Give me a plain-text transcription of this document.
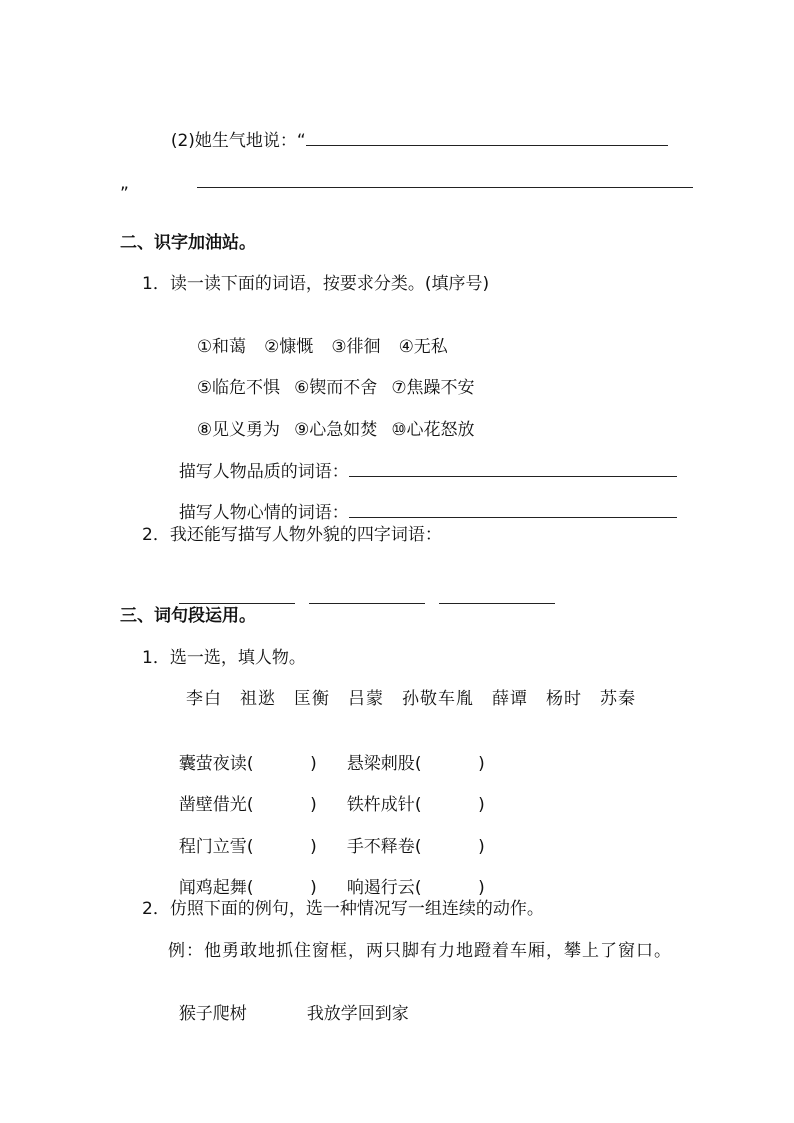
(2)她生气地说：“

”
二、识字加油站。
1．读一读下面的词语，按要求分类。(填序号)

①和蔼 ②慷慨 ③徘徊 ④无私

⑤临危不惧 ⑥锲而不舍 ⑦焦躁不安

⑧见义勇为 ⑨心急如焚 ⑩心花怒放

描写人物品质的词语：

描写人物心情的词语：

2．我还能写描写人物外貌的四字词语：

三、词句段运用。
1．选一选，填人物。
李白　祖逖　匡衡　吕蒙　孙敬车胤　薛谭　杨时　苏秦

囊萤夜读(	) 悬梁刺股(	)

凿壁借光(	) 铁杵成针(	)

程门立雪(	) 手不释卷(	)

闻鸡起舞(	) 响遏行云(	)

2．仿照下面的例句，选一种情况写一组连续的动作。
例：他勇敢地抓住窗框，两只脚有力地蹬着车厢，攀上了窗口。

猴子爬树	我放学回到家
